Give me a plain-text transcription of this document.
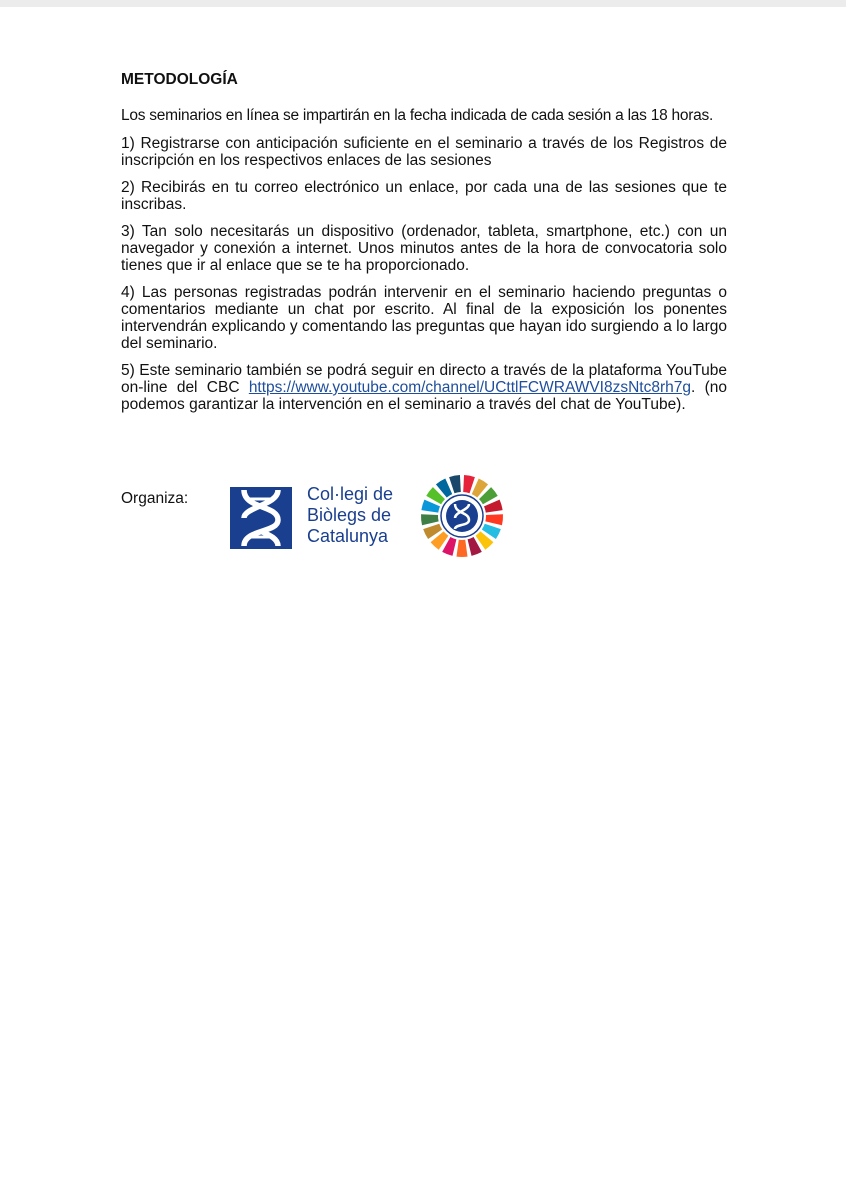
METODOLOGÍA

Los seminarios en línea se impartirán en la fecha indicada de cada sesión a las 18 horas.

1) Registrarse con anticipación suficiente en el seminario a través de los Registros de inscripción en los respectivos enlaces de las sesiones

2) Recibirás en tu correo electrónico un enlace, por cada una de las sesiones que te inscribas.

3) Tan solo necesitarás un dispositivo (ordenador, tableta, smartphone, etc.) con un navegador y conexión a internet. Unos minutos antes de la hora de convocatoria solo tienes que ir al enlace que se te ha proporcionado.

4) Las personas registradas podrán intervenir en el seminario haciendo preguntas o comentarios mediante un chat por escrito. Al final de la exposición los ponentes intervendrán explicando y comentando las preguntas que hayan ido surgiendo a lo largo del seminario.

5) Este seminario también se podrá seguir en directo a través de la plataforma YouTube on-line del CBC https://www.youtube.com/channel/UCttlFCWRAWVI8zsNtc8rh7g. (no podemos garantizar la intervención en el seminario a través del chat de YouTube).

Organiza:	Col·legi de
Biòlegs de
Catalunya
